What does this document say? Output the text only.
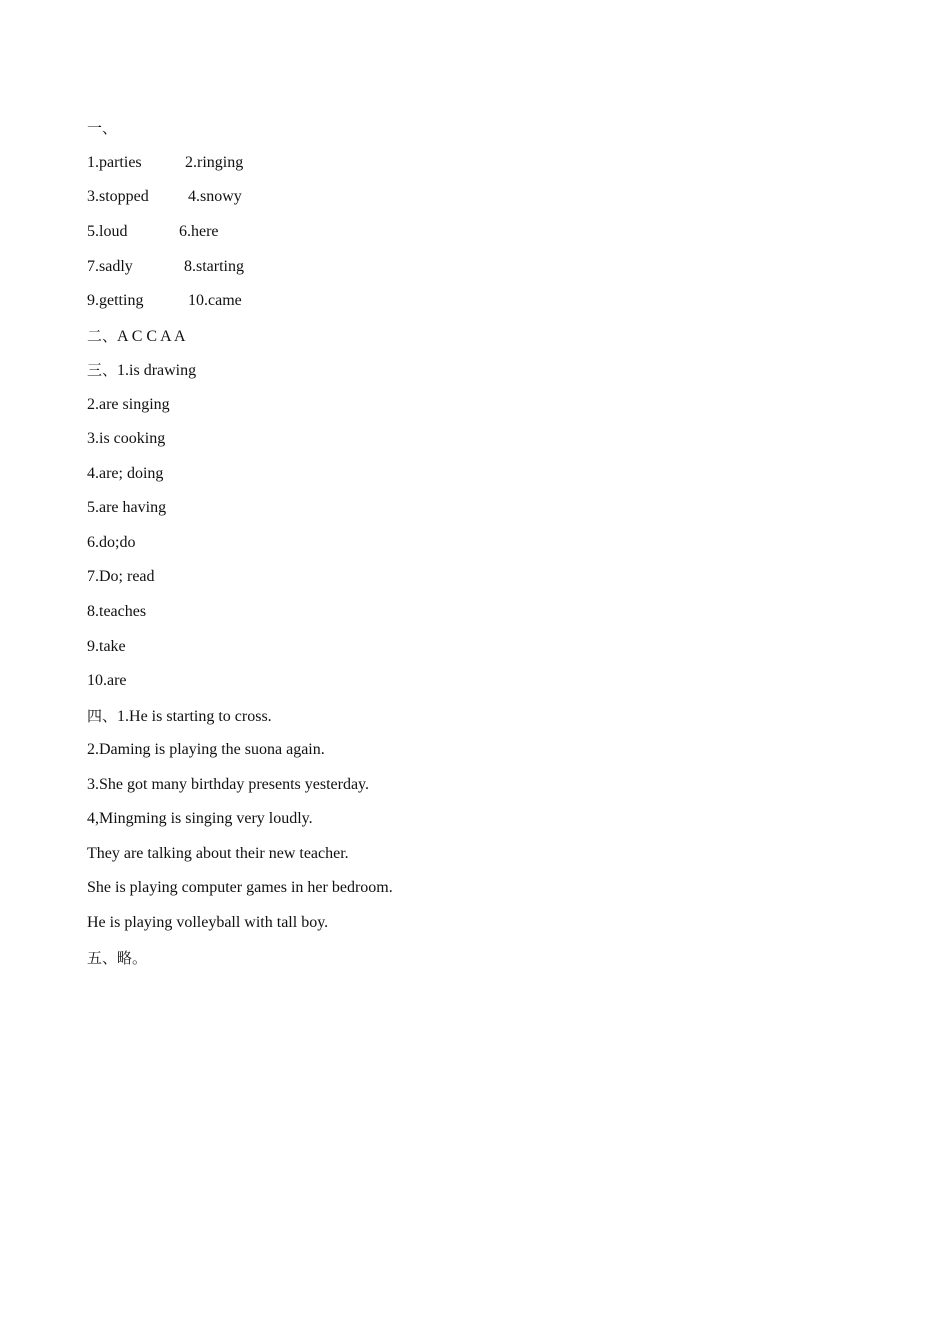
一、
1.parties	2.ringing
3.stopped 4.snowy
5.loud	6.here
7.sadly	8.starting
9.getting	10.came
二、A C C A A
三、1.is drawing
2.are singing
3.is cooking
4.are; doing
5.are having
6.do;do
7.Do; read
8.teaches
9.take
10.are
四、1.He is starting to cross.
2.Daming is playing the suona again.
3.She got many birthday presents yesterday.
4,Mingming is singing very loudly.
They are talking about their new teacher.
She is playing computer games in her bedroom.
He is playing volleyball with tall boy.
五、略。
